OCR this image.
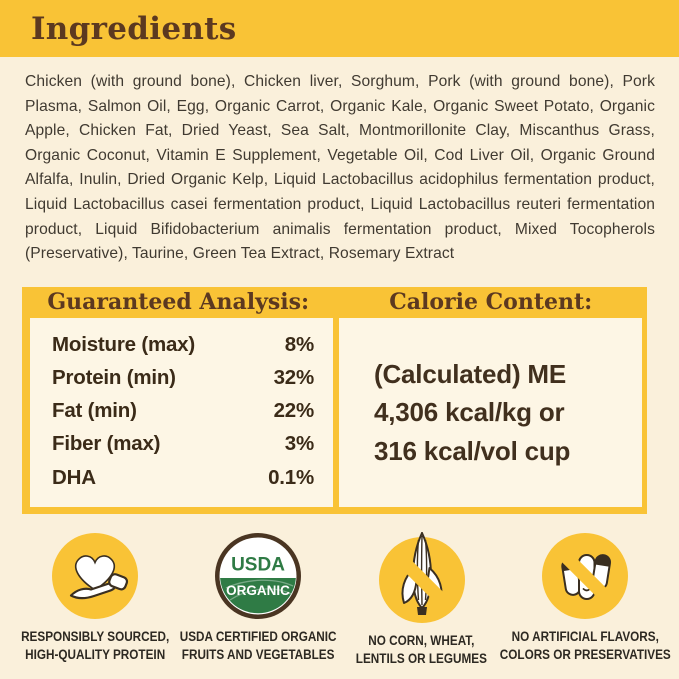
Ingredients

Chicken (with ground bone), Chicken liver, Sorghum, Pork (with ground bone), Pork Plasma, Salmon Oil, Egg, Organic Carrot, Organic Kale, Organic Sweet Potato, Organic Apple, Chicken Fat, Dried Yeast, Sea Salt, Montmorillonite Clay, Miscanthus Grass, Organic Coconut, Vitamin E Supplement, Vegetable Oil, Cod Liver Oil, Organic Ground Alfalfa, Inulin, Dried Organic Kelp, Liquid Lactobacillus acidophilus fermentation product, Liquid Lactobacillus casei fermentation product, Liquid Lactobacillus reuteri fermentation product, Liquid Bifidobacterium animalis fermentation product, Mixed Tocopherols (Preservative), Taurine, Green Tea Extract, Rosemary Extract

Guaranteed Analysis:	Calorie Content:
Moisture (max)	8%
Protein (min)	32%
Fat (min)	22%
Fiber (max)	3%
DHA	0.1%
(Calculated) ME
4,306 kcal/kg or
316 kcal/vol cup
RESPONSIBLY SOURCED,
HIGH-QUALITY PROTEIN
USDA
ORGANIC
USDA CERTIFIED ORGANIC
FRUITS AND VEGETABLES
NO CORN, WHEAT,
LENTILS OR LEGUMES
NO ARTIFICIAL FLAVORS,
COLORS OR PRESERVATIVES
